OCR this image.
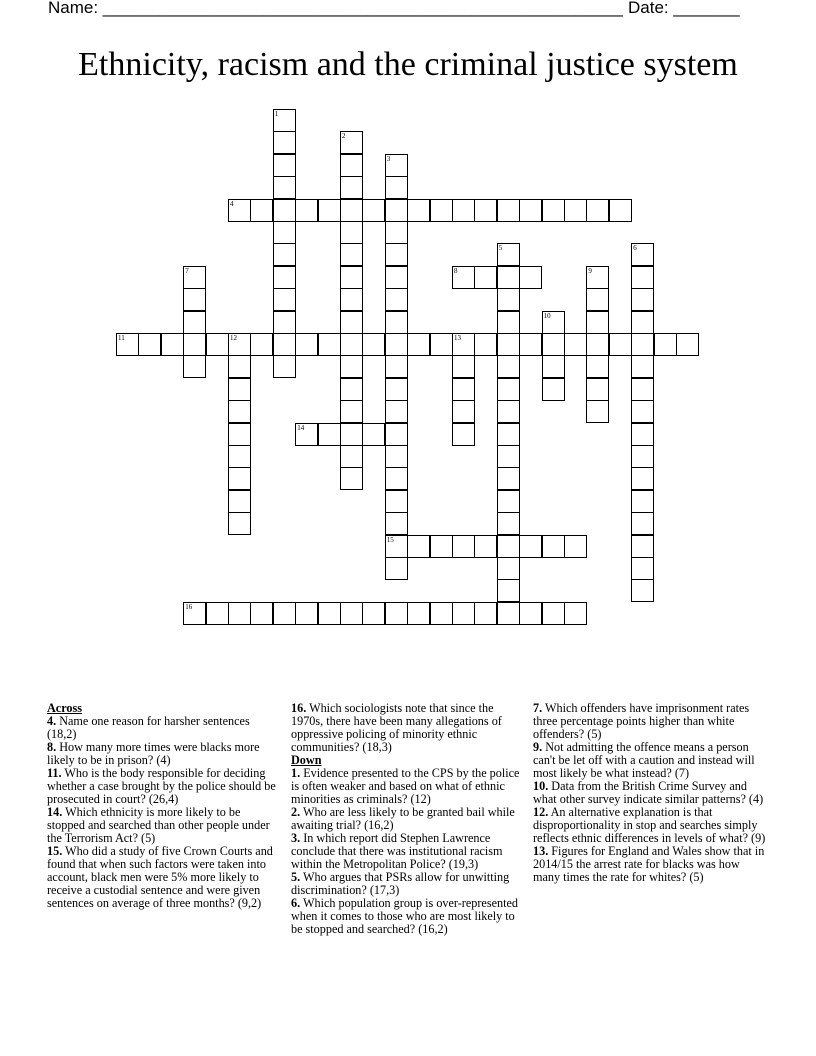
Name: _______________________________________________________ Date: _______
Ethnicity, racism and the criminal justice system
1
2
3
15
4
5	6
7	8	9
10
11	12	13
14
16
Across
4. Name one reason for harsher sentences (18,2)
8. How many more times were blacks more likely to be in prison? (4)
11. Who is the body responsible for deciding whether a case brought by the police should be prosecuted in court? (26,4)
14. Which ethnicity is more likely to be stopped and searched than other people under the Terrorism Act? (5)
15. Who did a study of five Crown Courts and found that when such factors were taken into account, black men were 5% more likely to receive a custodial sentence and were given sentences on average of three months? (9,2)
16. Which sociologists note that since the 1970s, there have been many allegations of oppressive policing of minority ethnic communities? (18,3)
Down
1. Evidence presented to the CPS by the police is often weaker and based on what of ethnic minorities as criminals? (12)
2. Who are less likely to be granted bail while awaiting trial? (16,2)
3. In which report did Stephen Lawrence conclude that there was institutional racism within the Metropolitan Police? (19,3)
5. Who argues that PSRs allow for unwitting discrimination? (17,3)
6. Which population group is over-represented when it comes to those who are most likely to be stopped and searched? (16,2)
7. Which offenders have imprisonment rates three percentage points higher than white offenders? (5)
9. Not admitting the offence means a person can't be let off with a caution and instead will most likely be what instead? (7)
10. Data from the British Crime Survey and what other survey indicate similar patterns? (4)
12. An alternative explanation is that disproportionality in stop and searches simply reflects ethnic differences in levels of what? (9)
13. Figures for England and Wales show that in 2014/15 the arrest rate for blacks was how many times the rate for whites? (5)
